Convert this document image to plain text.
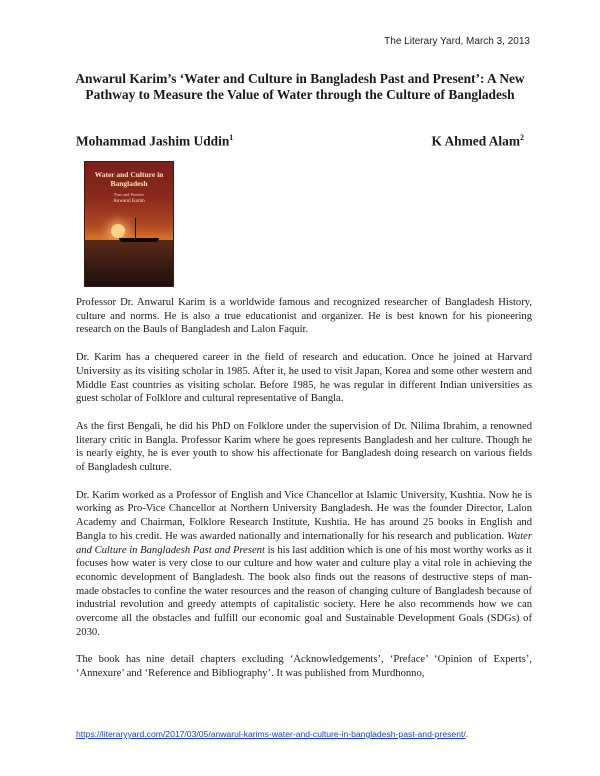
The Literary Yard, March 3, 2013
Anwarul Karim’s ‘Water and Culture in Bangladesh Past and Present’: A New Pathway to Measure the Value of Water through the Culture of Bangladesh
Mohammad Jashim Uddin$^1$	K Ahmed Alam$^2$
Water and Culture in Bangladesh
Past and Present
Anwarul Karim

Professor Dr. Anwarul Karim is a worldwide famous and recognized researcher of Bangladesh History, culture and norms. He is also a true educationist and organizer. He is best known for his pioneering research on the Bauls of Bangladesh and Lalon Faquir.

Dr. Karim has a chequered career in the field of research and education. Once he joined at Harvard University as its visiting scholar in 1985. After it, he used to visit Japan, Korea and some other western and Middle East countries as visiting scholar. Before 1985, he was regular in different Indian universities as guest scholar of Folklore and cultural representative of Bangla.

As the first Bengali, he did his PhD on Folklore under the supervision of Dr. Nilima Ibrahim, a renowned literary critic in Bangla. Professor Karim where he goes represents Bangladesh and her culture. Though he is nearly eighty, he is ever youth to show his affectionate for Bangladesh doing research on various fields of Bangladesh culture.

Dr. Karim worked as a Professor of English and Vice Chancellor at Islamic University, Kushtia. Now he is working as Pro-Vice Chancellor at Northern University Bangladesh. He was the founder Director, Lalon Academy and Chairman, Folklore Research Institute, Kushtia. He has around 25 books in English and Bangla to his credit. He was awarded nationally and internationally for his research and publication. Water and Culture in Bangladesh Past and Present is his last addition which is one of his most worthy works as it focuses how water is very close to our culture and how water and culture play a vital role in achieving the economic development of Bangladesh. The book also finds out the reasons of destructive steps of man-made obstacles to confine the water resources and the reason of changing culture of Bangladesh because of industrial revolution and greedy attempts of capitalistic society. Here he also recommends how we can overcome all the obstacles and fulfill our economic goal and Sustainable Development Goals (SDGs) of 2030.

The book has nine detail chapters excluding ‘Acknowledgements’, ‘Preface’ ‘Opinion of Experts’, ‘Annexure’ and ‘Reference and Bibliography’. It was published from Murdhonno,

https://literaryyard.com/2017/03/05/anwarul-karims-water-and-culture-in-bangladesh-past-and-present/.
